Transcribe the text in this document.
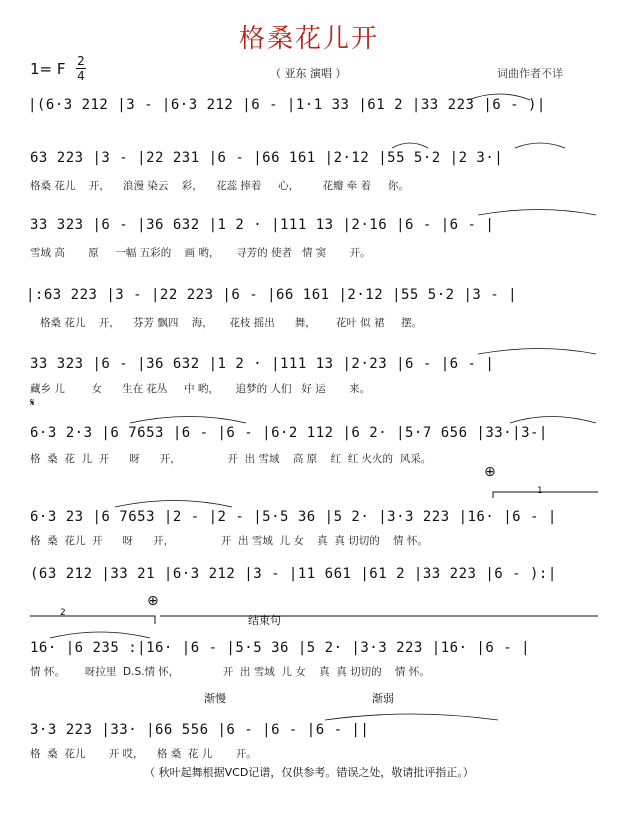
格桑花儿开
1= F 2
4	（ 亚东 演唱 ）	词曲作者不详
|(6·3 212 |3 - |6·3 212 |6 - |1·1 33 |61 2 |33 223 |6 - )|
63 223 |3 - |22 231 |6 - |66 161 |2·12 |55 5·2 |2 3·|
格桑 花儿    开，    浪漫 染云    彩，    花蕊 捧着     心，       花瓣 牵 着     你。
33 323 |6 - |36 632 |1 2 · |111 13 |2·16 |6 - |6 - |
雪域 高       原     一幅 五彩的    画 哟，     寻芳的 使者   情 窦       开。
|:63 223 |3 - |22 223 |6 - |66 161 |2·12 |55 5·2 |3 - |
格桑 花儿    开，    芬芳 飘四    海，     花枝 摇出      舞，      花叶 似 裙     摆。
33 323 |6 - |36 632 |1 2 · |111 13 |2·23 |6 - |6 - |
藏乡 儿        女      生在 花丛     中 哟，     追梦的 人们   好 运       来。
𝄋
6·3 2·3 |6 7653 |6 - |6 - |6·2 112 |6 2· |5·7 656 |33·|3-|
格  桑  花  儿  开      呀      开，              开  出 雪域    高 原    红  红 火火的  风采。
⊕
1
6·3 23 |6 7653 |2 - |2 - |5·5 36 |5 2· |3·3 223 |16· |6 - |
格  桑  花儿  开      呀      开，              开  出 雪域  儿 女    真  真 切切的    情 怀。
(63 212 |33 21 |6·3 212 |3 - |11 661 |61 2 |33 223 |6 - ):|
2
⊕
结束句
16· |6 235 :|16· |6 - |5·5 36 |5 2· |3·3 223 |16· |6 - |
情 怀。      呀拉里  D.S.情 怀，             开  出 雪域  儿 女    真  真 切切的    情 怀。
渐慢	渐弱
3·3 223 |33· |66 556 |6 - |6 - |6 - ||
格  桑  花儿       开 哎，    格 桑  花 儿       开。
（ 秋叶起舞根据VCD记谱，仅供参考。错误之处，敬请批评指正。）
